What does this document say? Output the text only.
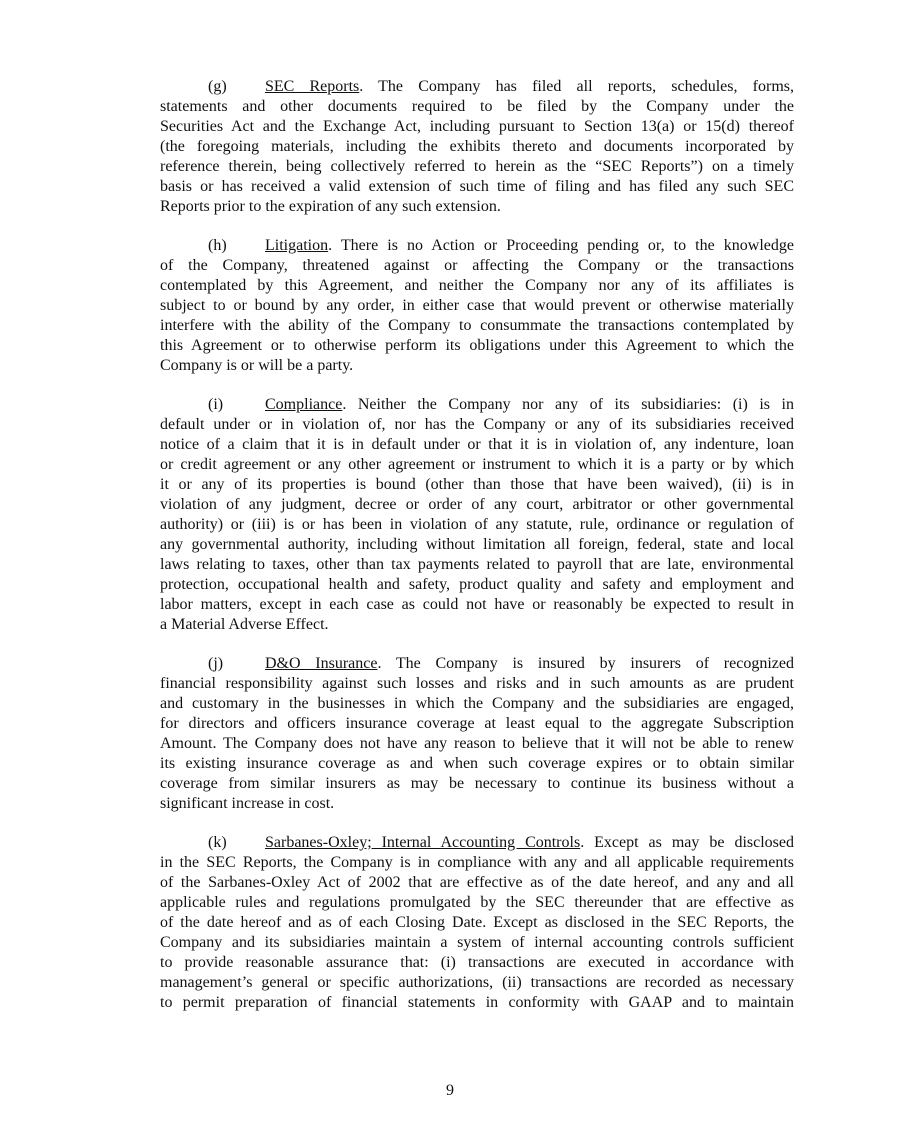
(g) SEC Reports. The Company has filed all reports, schedules, forms,
statements and other documents required to be filed by the Company under the
Securities Act and the Exchange Act, including pursuant to Section 13(a) or 15(d) thereof
(the foregoing materials, including the exhibits thereto and documents incorporated by
reference therein, being collectively referred to herein as the “SEC Reports”) on a timely
basis or has received a valid extension of such time of filing and has filed any such SEC
Reports prior to the expiration of any such extension.
(h) Litigation. There is no Action or Proceeding pending or, to the knowledge
of the Company, threatened against or affecting the Company or the transactions
contemplated by this Agreement, and neither the Company nor any of its affiliates is
subject to or bound by any order, in either case that would prevent or otherwise materially
interfere with the ability of the Company to consummate the transactions contemplated by
this Agreement or to otherwise perform its obligations under this Agreement to which the
Company is or will be a party.
(i)	Compliance. Neither the Company nor any of its subsidiaries: (i) is in
default under or in violation of, nor has the Company or any of its subsidiaries received
notice of a claim that it is in default under or that it is in violation of, any indenture, loan
or credit agreement or any other agreement or instrument to which it is a party or by which
it or any of its properties is bound (other than those that have been waived), (ii) is in
violation of any judgment, decree or order of any court, arbitrator or other governmental
authority) or (iii) is or has been in violation of any statute, rule, ordinance or regulation of
any governmental authority, including without limitation all foreign, federal, state and local
laws relating to taxes, other than tax payments related to payroll that are late, environmental
protection, occupational health and safety, product quality and safety and employment and
labor matters, except in each case as could not have or reasonably be expected to result in
a Material Adverse Effect.
(j)	D&O Insurance. The Company is insured by insurers of recognized
financial responsibility against such losses and risks and in such amounts as are prudent
and customary in the businesses in which the Company and the subsidiaries are engaged,
for directors and officers insurance coverage at least equal to the aggregate Subscription
Amount. The Company does not have any reason to believe that it will not be able to renew
its existing insurance coverage as and when such coverage expires or to obtain similar
coverage from similar insurers as may be necessary to continue its business without a
significant increase in cost.
(k) Sarbanes-Oxley; Internal Accounting Controls. Except as may be disclosed
in the SEC Reports, the Company is in compliance with any and all applicable requirements
of the Sarbanes-Oxley Act of 2002 that are effective as of the date hereof, and any and all
applicable rules and regulations promulgated by the SEC thereunder that are effective as
of the date hereof and as of each Closing Date. Except as disclosed in the SEC Reports, the
Company and its subsidiaries maintain a system of internal accounting controls sufficient
to provide reasonable assurance that: (i) transactions are executed in accordance with
management’s general or specific authorizations, (ii) transactions are recorded as necessary
to permit preparation of financial statements in conformity with GAAP and to maintain
9
